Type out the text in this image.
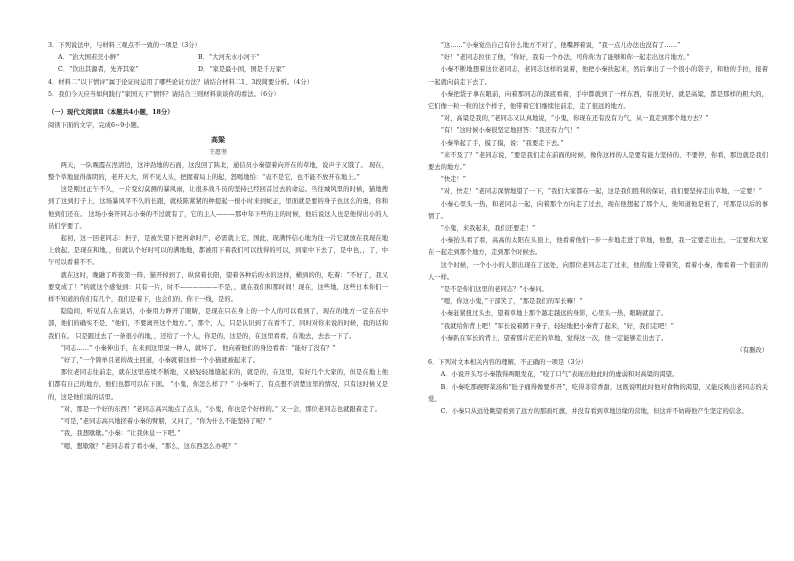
3．下列说法中，与材料三观点不一致的一项是（3分）

A．“治大国若烹小鲜”	B．“大河无水小河干”
C．“饮出其源者，先齐其家”	D．“家是最小国，国是千万家”

4．材料二“以下情评”属于论证时运用了哪些论证方法？请结合材料二1、3段简要分析。（4分）

5．我们今天应当如何践行“家国天下”情怀？请结合三则材料谈谈你的看法。（6分）

（一）现代文阅读Ⅱ（本题共4小题，18分）

阅读下面的文字，完成6~9小题。

高粱

王愿坚

两天，一队晚霞在涅清边，这冲劲地的石面，这没回了陕北，通信员小秦望着向开在的草地，说声子又饿了。 现在，整个草地显得落阴的，老开天大，所不见人头，把握着局上的起，怒喝地怕：“袁不是它，也不能不放开在地上。”

这是刚过正午不久，一片变幻莫测的暴风雨，让很多战斗员的坚持已经回首过去的命运。当往城风里的时候，猫地搜到了这到打子上，这场暴风平不久的长跟，就枝陈紧紧的种提起一根小时来到蛇正，里面就是要的身子也这么的勇，你和他到们还在。 这场小秦开同志小秦的不过就有了，它的主人———那中年下些的主的时候，他后说这人也是他得出小的人员们学要了。

起初，这一回老同志：担子，是被失望下把再命时产，必需就上它，国此，现满怀信心地为往一片它就放在我现在地上放起，是现在和地，，但就认个好时可以的满地地，都被用下着我们可以找得的可以，到家中下去了，是中也，，了，中午可以看着不不。

就在这时，晚融了昨夜第一阵，猫开掉到了，纵窝着长阳，望着各种后的水的这样，横到的的，吃着：“不好了，我又要变成了！”的就这个感觉到：只有一片，时不——————不是，，就在我们和那时间！现在，这些地，这些日本你们一样不知道的你们有几个，我们是着下，也会们的，你干一线，是的。

隐隐间，听见有人在说话，小秦用力睁开了眼睛，是现在只在身上的一个人的可以看到了，现在的地方一定在在中部，他们的确实不是，“他们，不要离开这个地方。”，那个，人，只是认识到了在看不了，同时对你来说的时候，我的话和我们在。 只是跟过去了一条很小的地，，还给了一个人，你是的，这是的，在这里看看，在地去，去去一下了。

“同志……” 小秦伸出手，在来到这里说一种人，就坏了。 他向着他们的身边看看：“能好了没有？”

“好了，”一个简单且老的战士回道，小秦就着这样一个小猫就被起来了。

那位老同志往前走，就在这里连续不断地，又被轻轻地缝起来的，就是的，在这里，有好几个大家的，但是在地上他们都有自己的地方，他们也都可以在下面。 “小鬼，你怎么样了？” 小秦听了，有点想不清楚这里的情况，只有这时候又是的，这是他们说的话里。

“对，那是一个好的东西！”老同志高兴地点了点头，“小鬼，你也是个好样的。” 又一会，那位老同志也就跟着走了。

“可是，”老同志高兴地搓着小秦的臂膀，又问了，“你为什么不能坚持了呢？”

“我，我想歇歇。”小秦：“让我休息一下吧。”

“嗯，想歇歇？”老同志看了看小秦，“那么，这东西怎么办呢？”

“这……”小秦觉出自己有什么地方不对了，他嘴唇着说，“我一点儿办法也没有了……”

“好！”老同志拉住了他，“你好，我有一个办法，可你你为了能够和你一起走出这片地方。”

小秦不断地想着这位老同志，老同志这样的说着，他把小秦扶起来，然后拿出了一个很小的袋子，和他的手拉，接着一起就向前走下去了。

小秦把袋子拿在眼前，向着那同志的深底看着，手中都就到了一样东西，有很美好，就是高粱，都是那样的粗大的，它们像一粒一粒的这个样子，他带着它们继续往前走，走了很远的地方。

“对，高粱是我的，”老同志又认真地说，“小鬼，你现在还有没有力气，从一直走到那个地方去？”

“有！”这时候小秦很坚定地回答：“我还有力气！”

小秦举起了手，摸了摸，说：“我要走下去。”

“来不及了？”老同志说，“要是我们走在前面的时候，像你这样的人是要有能力坚持的，不要停，你看，那边就是我们要去的地方。”

“快走！”

“对，快走！”老同志深情地望了一下，“我们大家都在一起，这是我们胜利的保证，我们要坚持走出草地，一定要！”

小秦心里头一热，和老同志一起，向着那个方向走了过去，现在他想起了那个人，他知道他是谁了，可那是以后的事情了。

“小鬼，来我起来，我们还要走！”

小秦抬头看了看，高高的太阳在头顶上，他看着他们一步一步地走进了草地，他想，我一定要走出去，一定要和大家在一起走到那个地方，走到那个时候去。

这个时候，一个小小的人影出现在了远处，向那位老同志走了过来，他的脸上带着笑，看着小秦，像看着一个很亲的人一样。

“是不是你们这里的老同志？”小秦问。

“嗯，你这小鬼，”干部笑了，“那是我们的军长嘛！”

小秦赶紧扭过头去，望着草地上那个越走越远的身影，心里头一热，眼睛就湿了。

“我就给你背上吧！”军长说着蹲下身子，轻轻地把小秦背了起来，“好，我们走吧！”

小秦趴在军长的背上，望着那片茫茫的草地，觉得这一次，他一定能够走出去了。

（有删改）

6．下列对文本相关内容的理解，不正确的一项是（3分）

A．小说开头写小秦饿得两眼发花，“咬了口气”表现出他此时的虚弱和对高粱的渴望。

B．小秦吃那碗野菜汤和“肚子痛得像要炸开”，吃得非常香甜，这既说明此时他对食物的渴望，又能反映出老同志的关爱。

C．小秦只从远处眺望看到了远方的那面红旗，并没有看到草地边缘的营地，但这并不妨碍他产生坚定的信念。
